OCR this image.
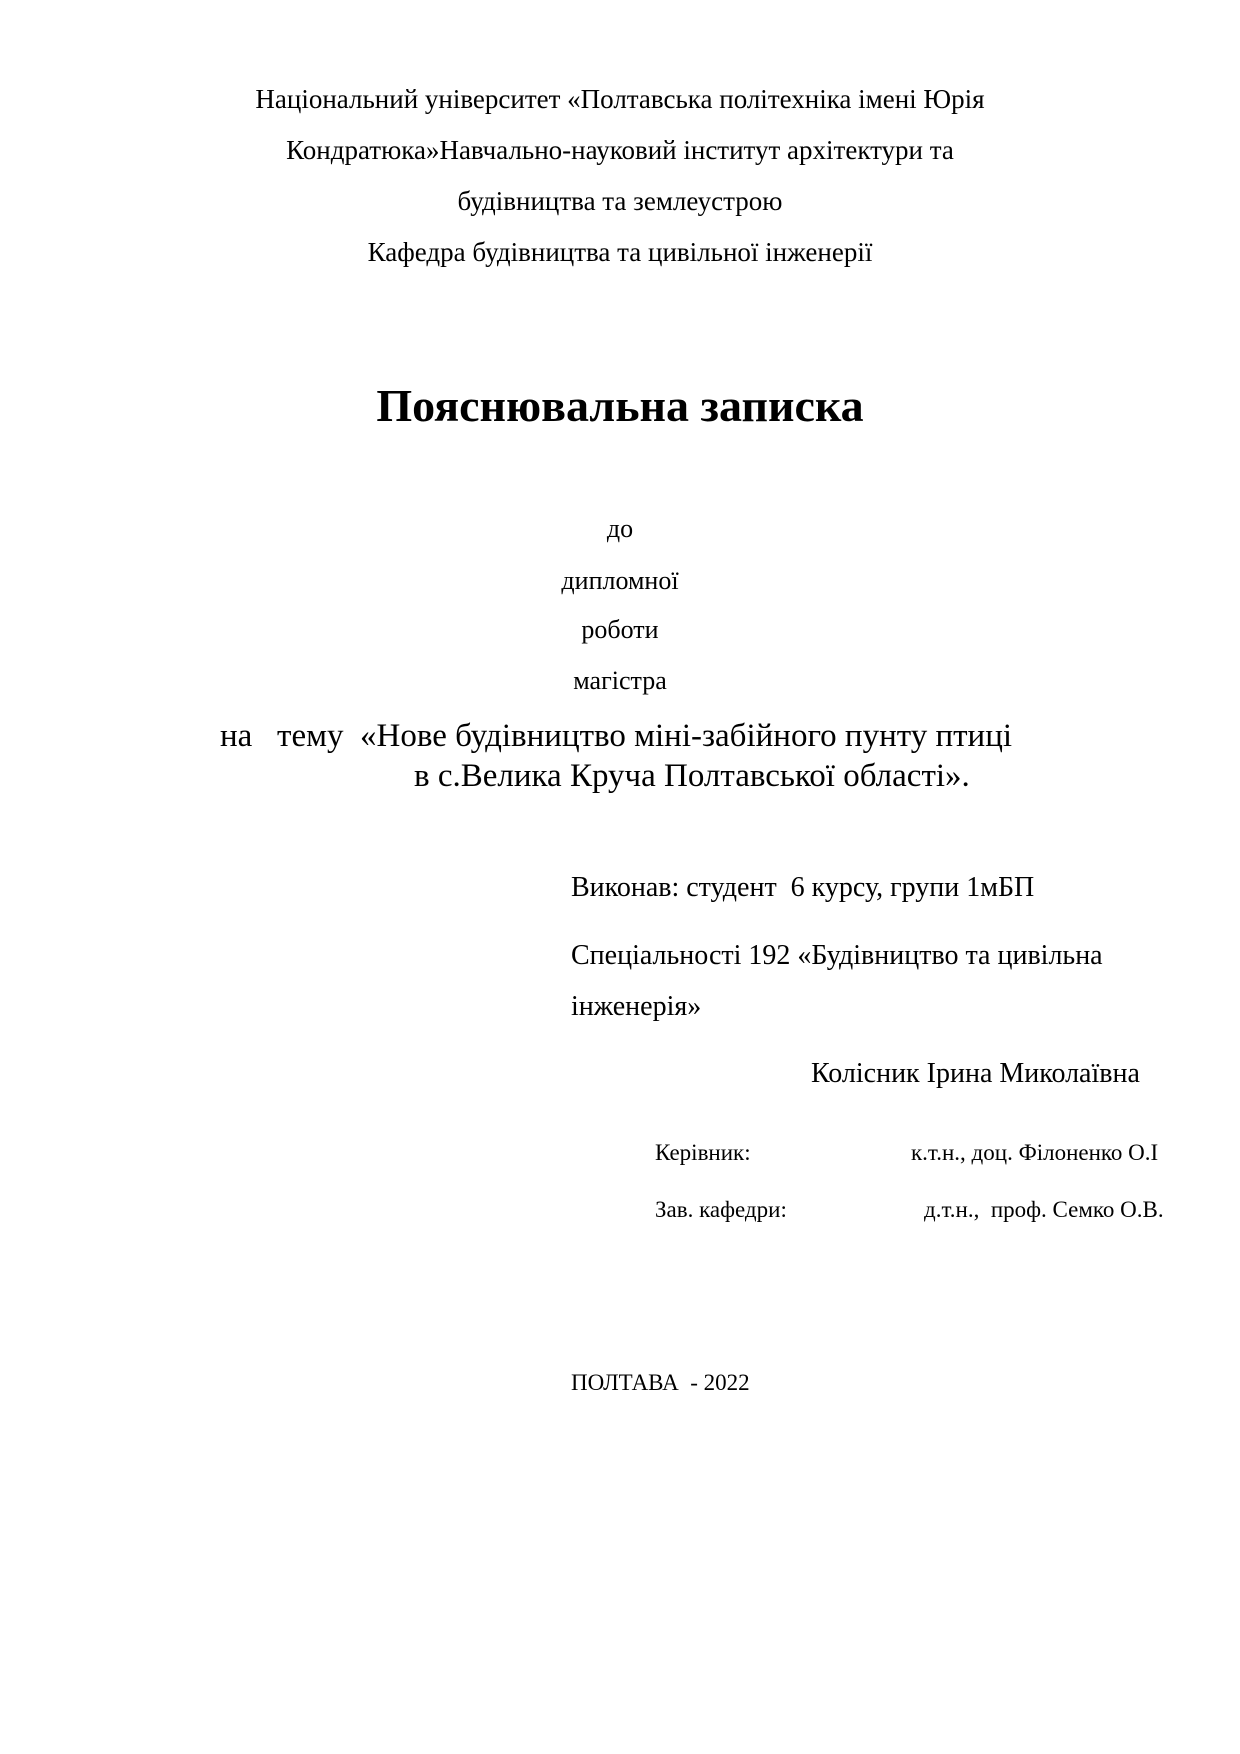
Національний університет «Полтавська політехніка імені Юрія
Кондратюка»Навчально-науковий інститут архітектури та
будівництва та землеустрою
Кафедра будівництва та цивільної інженерії
Пояснювальна записка
до
дипломної
роботи
магістра
на   тему  «Нове будівництво міні-забійного пунту птиці
в с.Велика Круча Полтавської області».
Виконав: студент  6 курсу, групи 1мБП
Спеціальності 192 «Будівництво та цивільна
інженерія»
Колісник Ірина Миколаївна
Керівник:	к.т.н., доц. Філоненко О.І
Зав. кафедри:	д.т.н.,  проф. Семко О.В.
ПОЛТАВА  - 2022
